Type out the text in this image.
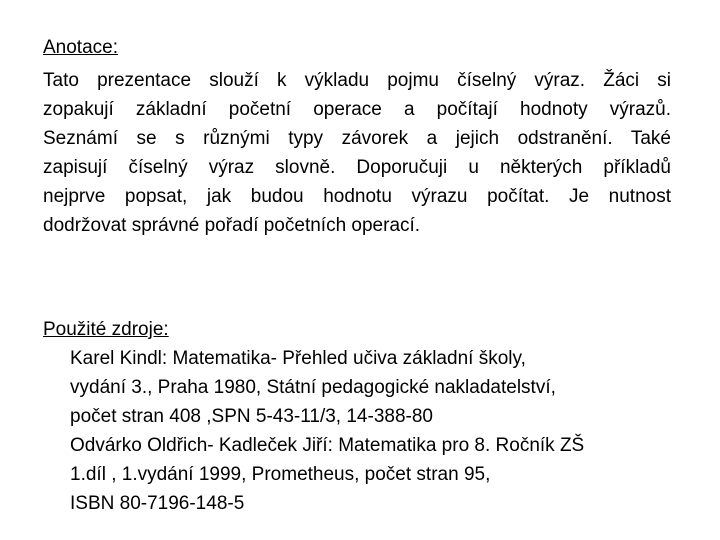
Anotace:
Tato prezentace slouží k výkladu pojmu číselný výraz. Žáci si
zopakují základní početní operace a počítají hodnoty výrazů.
Seznámí se s různými typy závorek a jejich odstranění. Také
zapisují číselný výraz slovně. Doporučuji u některých příkladů
nejprve popsat, jak budou hodnotu výrazu počítat. Je nutnost
dodržovat správné pořadí početních operací.
Použité zdroje:
Karel Kindl: Matematika- Přehled učiva základní školy,
vydání 3., Praha 1980, Státní pedagogické nakladatelství,
počet stran 408 ,SPN 5-43-11/3, 14-388-80
Odvárko Oldřich- Kadleček Jiří: Matematika pro 8. Ročník ZŠ
1.díl , 1.vydání 1999, Prometheus, počet stran 95,
ISBN 80-7196-148-5
